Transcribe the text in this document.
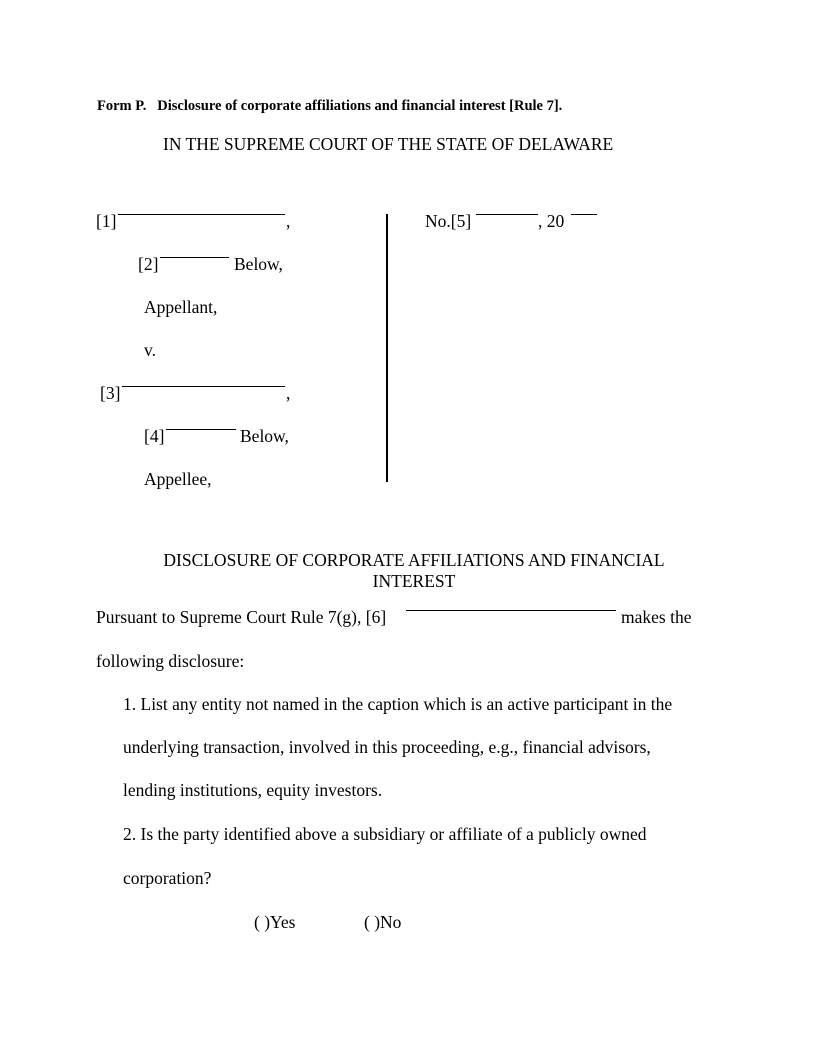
Form P. Disclosure of corporate affiliations and financial interest [Rule 7].
IN THE SUPREME COURT OF THE STATE OF DELAWARE
[1]	,
[2]	Below,
Appellant,
v.
[3]	,
[4]	Below,
Appellee,
No.[5]	, 20
DISCLOSURE OF CORPORATE AFFILIATIONS AND FINANCIAL
INTEREST
Pursuant to Supreme Court Rule 7(g), [6]	makes the
following disclosure:
1. List any entity not named in the caption which is an active participant in the
underlying transaction, involved in this proceeding, e.g., financial advisors,
lending institutions, equity investors.
2. Is the party identified above a subsidiary or affiliate of a publicly owned
corporation?
( )Yes	( )No
